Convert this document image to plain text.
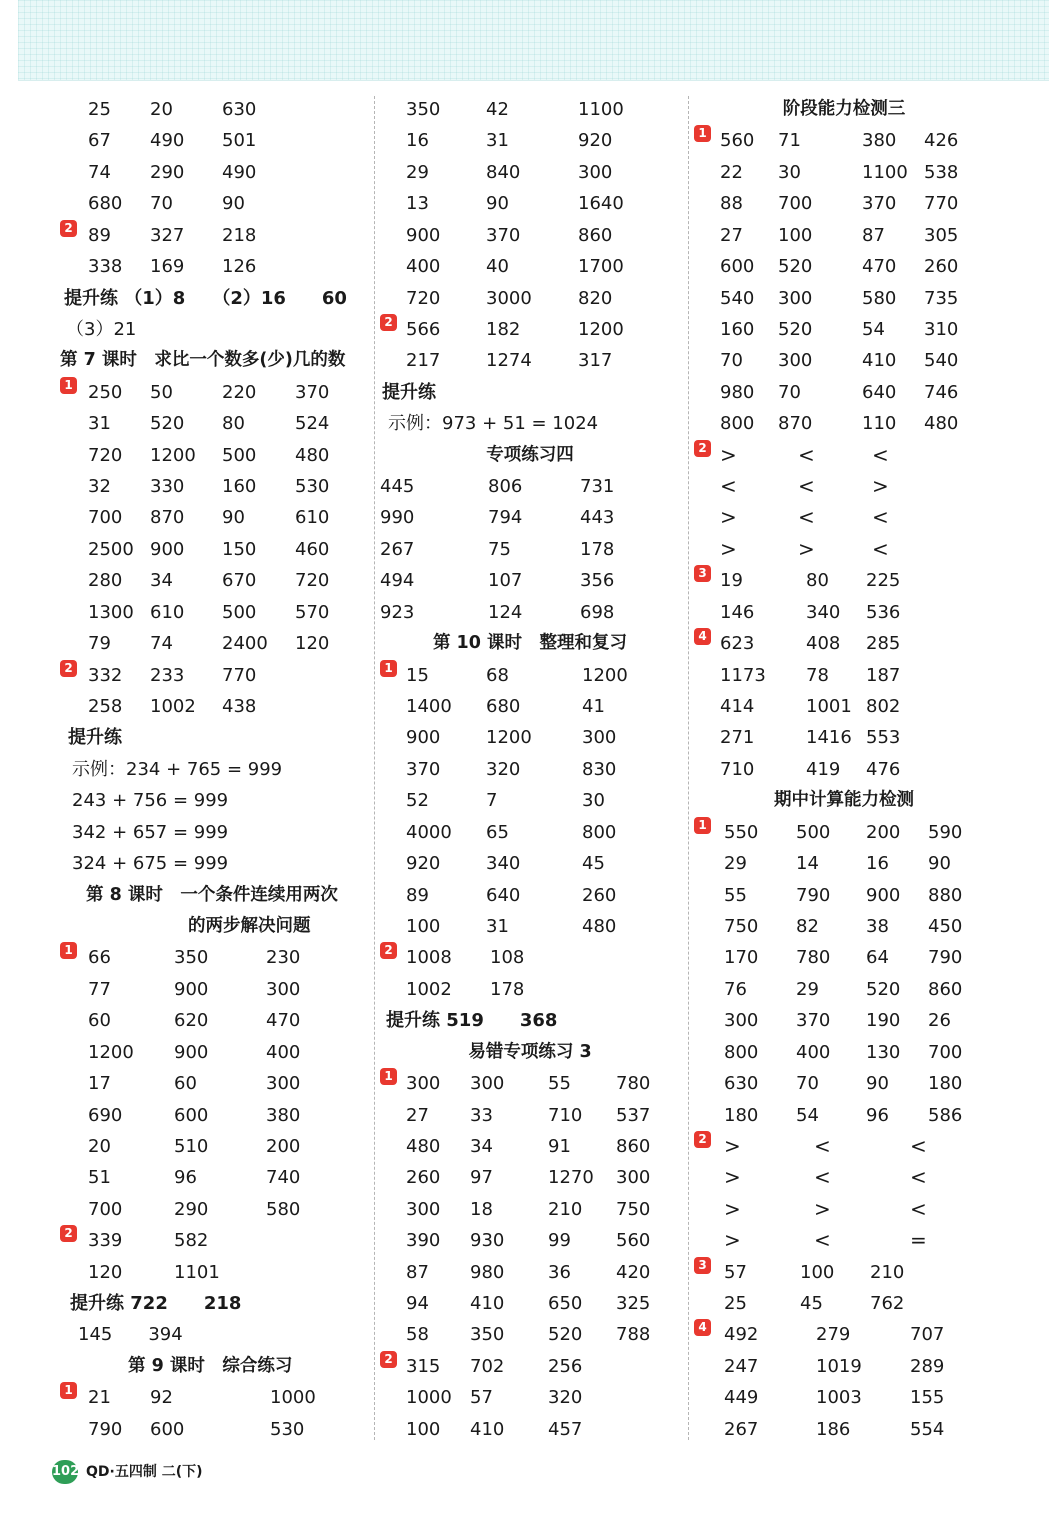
25 20	630
67 490 501
74 290 490
680 70	90
2 89 327 218
338 169 126
提升练 （1）8　　（2）16　　60
（3）21
第 7 课时　求比一个数多(少)几的数
1 250 50	220 370
31 520 80	524
720 1200 500 480
32 330 160 530
700 870 90	610
2500 900 150 460
280 34	670 720
1300 610 500 570
79 74	2400 120
2 332 233 770
258 1002 438
提升练
示例：234 + 765 = 999
243 + 756 = 999
342 + 657 = 999
324 + 675 = 999
第 8 课时　一个条件连续用两次
的两步解决问题
1 66	350	230
77	900	300
60	620	470
1200 900	400
17	60	300
690	600	380
20	510	200
51	96	740
700	290	580
2 339	582
120	1101
提升练 722　　218
145　　394
第 9 课时　综合练习
1 21 92	1000
790 600	530
350	42	1100
16	31	920
29	840	300
13	90	1640
900	370	860
400	40	1700
720	3000	820
2 566	182	1200
217	1274	317
提升练
示例：973 + 51 = 1024
专项练习四
445	806	731
990	794	443
267	75	178
494	107	356
923	124	698
第 10 课时　整理和复习
1 15	68	1200
1400 680	41
900	1200	300
370	320	830
52	7	30
4000 65	800
920	340	45
89	640	260
100	31	480
2 1008 108
1002 178
提升练 519　　368
易错专项练习 3
1 300 300 55	780
27 33	710 537
480 34	91	860
260 97	1270 300
300 18	210 750
390 930 99	560
87 980 36	420
94 410 650 325
58 350 520 788
2 315 702 256
1000 57	320
100 410 457
阶段能力检测三
1 560 71	380 426
22 30	1100 538
88 700	370 770
27 100	87 305
600 520	470 260
540 300	580 735
160 520	54 310
70 300	410 540
980 70	640 746
800 870	110 480
2 >	<	<
<	<	>
>	<	<
>	>	<
3 19	80 225
146	340 536
4 623	408 285
1173 78 187
414	1001 802
271	1416 553
710	419 476
期中计算能力检测
1 550 500 200 590
29	14	16 90
55	790 900 880
750 82	38 450
170 780 64 790
76	29	520 860
300 370 190 26
800 400 130 700
630 70	90 180
180 54	96 586
2 >	<	<
>	<	<
>	>	<
>	<	=
3 57	100 210
25	45	762
4 492	279	707
247	1019	289
449	1003	155
267	186	554
102 QD·五四制 二(下)
